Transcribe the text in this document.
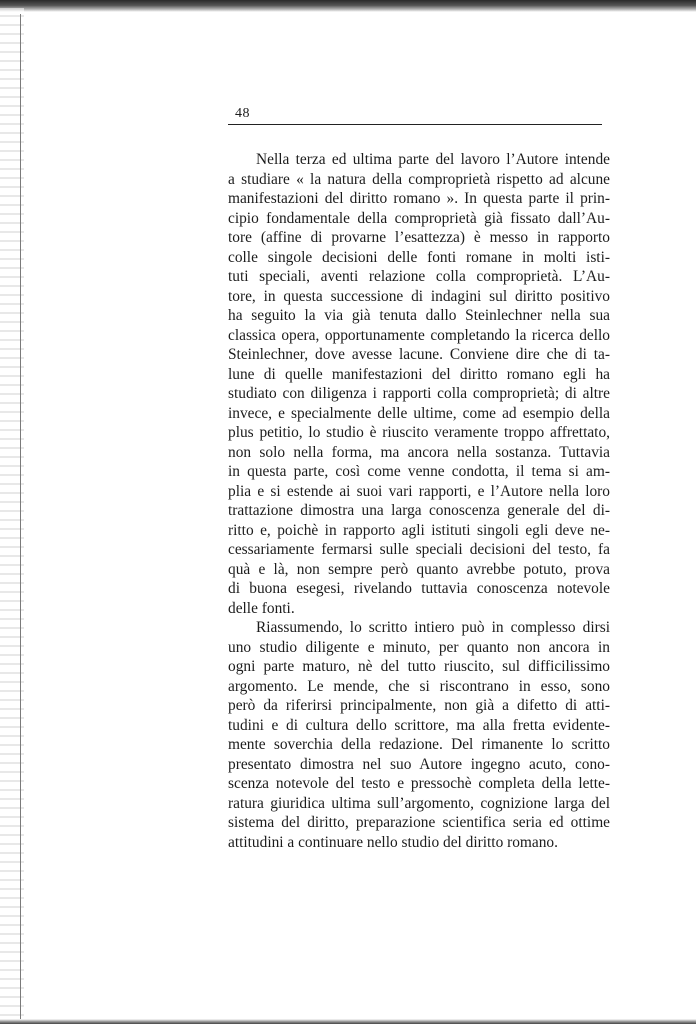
48
Nella terza ed ultima parte del lavoro l’Autore intende
a studiare « la natura della comproprietà rispetto ad alcune
manifestazioni del diritto romano ». In questa parte il prin-
cipio fondamentale della comproprietà già fissato dall’Au-
tore (affine di provarne l’esattezza) è messo in rapporto
colle singole decisioni delle fonti romane in molti isti-
tuti speciali, aventi relazione colla comproprietà. L’Au-
tore, in questa successione di indagini sul diritto positivo
ha seguito la via già tenuta dallo Steinlechner nella sua
classica opera, opportunamente completando la ricerca dello
Steinlechner, dove avesse lacune. Conviene dire che di ta-
lune di quelle manifestazioni del diritto romano egli ha
studiato con diligenza i rapporti colla comproprietà; di altre
invece, e specialmente delle ultime, come ad esempio della
plus petitio, lo studio è riuscito veramente troppo affrettato,
non solo nella forma, ma ancora nella sostanza. Tuttavia
in questa parte, così come venne condotta, il tema si am-
plia e si estende ai suoi vari rapporti, e l’Autore nella loro
trattazione dimostra una larga conoscenza generale del di-
ritto e, poichè in rapporto agli istituti singoli egli deve ne-
cessariamente fermarsi sulle speciali decisioni del testo, fa
quà e là, non sempre però quanto avrebbe potuto, prova
di buona esegesi, rivelando tuttavia conoscenza notevole
delle fonti.
Riassumendo, lo scritto intiero può in complesso dirsi
uno studio diligente e minuto, per quanto non ancora in
ogni parte maturo, nè del tutto riuscito, sul difficilissimo
argomento. Le mende, che si riscontrano in esso, sono
però da riferirsi principalmente, non già a difetto di atti-
tudini e di cultura dello scrittore, ma alla fretta evidente-
mente soverchia della redazione. Del rimanente lo scritto
presentato dimostra nel suo Autore ingegno acuto, cono-
scenza notevole del testo e pressochè completa della lette-
ratura giuridica ultima sull’argomento, cognizione larga del
sistema del diritto, preparazione scientifica seria ed ottime
attitudini a continuare nello studio del diritto romano.
